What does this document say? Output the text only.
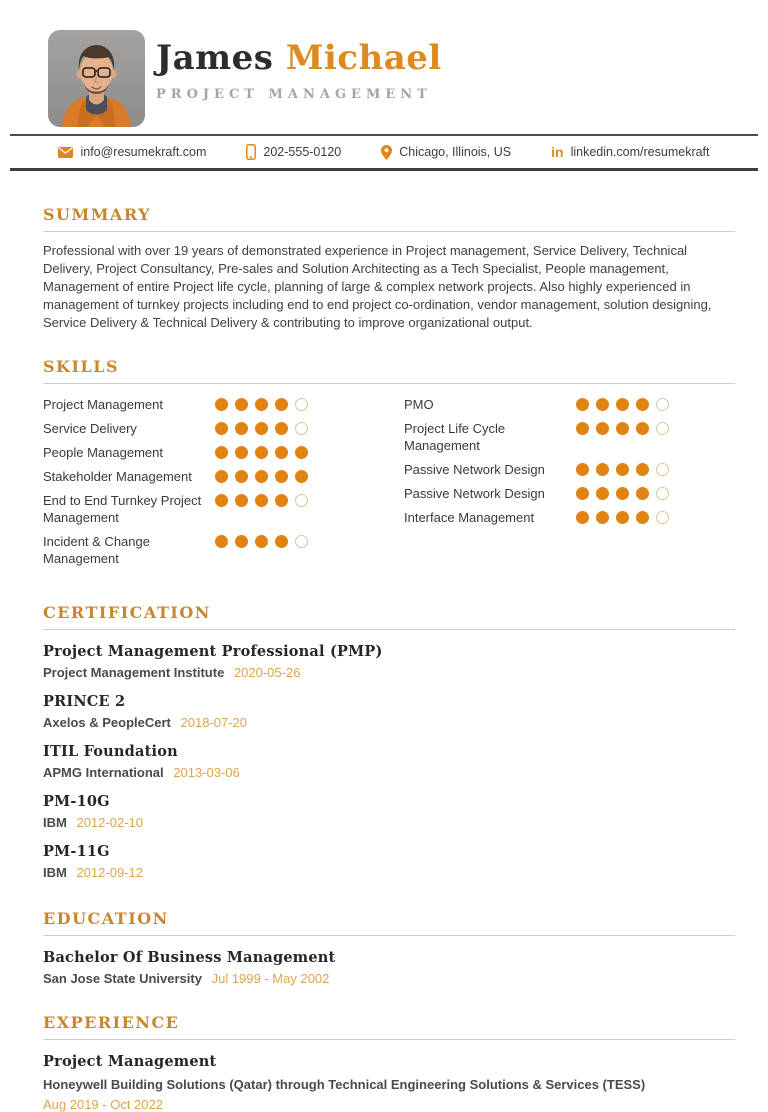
James Michael
PROJECT MANAGEMENT
info@resumekraft.com	202-555-0120	Chicago, Illinois, US	in linkedin.com/resumekraft
SUMMARY

Professional with over 19 years of demonstrated experience in Project management, Service Delivery, Technical Delivery, Project Consultancy, Pre-sales and Solution Architecting as a Tech Specialist, People management, Management of entire Project life cycle, planning of large & complex network projects. Also highly experienced in management of turnkey projects including end to end project co-ordination, vendor management, solution designing, Service Delivery & Technical Delivery & contributing to improve organizational output.

SKILLS
Project Management
Service Delivery
People Management
Stakeholder Management
End to End Turnkey Project Management
Incident & Change Management
PMO
Project Life Cycle Management
Passive Network Design
Passive Network Design
Interface Management
CERTIFICATION
Project Management Professional (PMP)
Project Management Institute 2020-05-26
PRINCE 2
Axelos & PeopleCert 2018-07-20
ITIL Foundation
APMG International 2013-03-06
PM-10G
IBM 2012-02-10
PM-11G
IBM 2012-09-12
EDUCATION
Bachelor Of Business Management
San Jose State University Jul 1999 - May 2002
EXPERIENCE
Project Management
Honeywell Building Solutions (Qatar) through Technical Engineering Solutions & Services (TESS)
Aug 2019 - Oct 2022
